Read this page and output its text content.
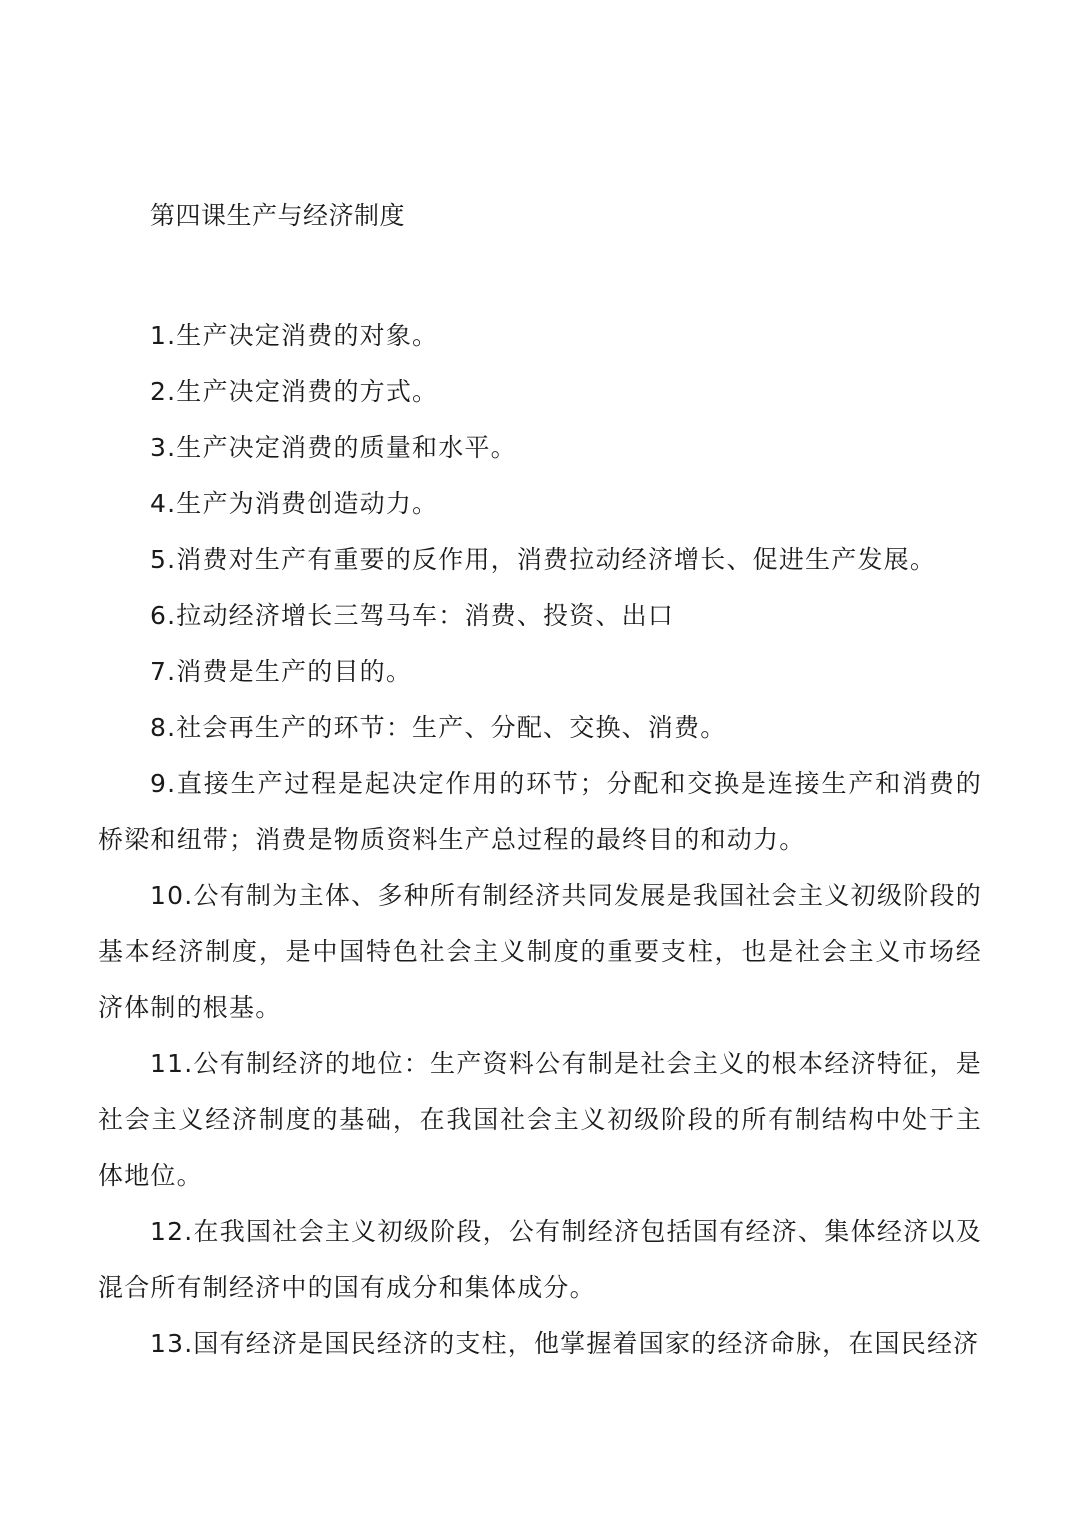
第四课生产与经济制度

1.生产决定消费的对象。

2.生产决定消费的方式。

3.生产决定消费的质量和水平。

4.生产为消费创造动力。

5.消费对生产有重要的反作用，消费拉动经济增长、促进生产发展。

6.拉动经济增长三驾马车：消费、投资、出口

7.消费是生产的目的。

8.社会再生产的环节：生产、分配、交换、消费。

9.直接生产过程是起决定作用的环节；分配和交换是连接生产和消费的桥梁和纽带；消费是物质资料生产总过程的最终目的和动力。

10.公有制为主体、多种所有制经济共同发展是我国社会主义初级阶段的基本经济制度，是中国特色社会主义制度的重要支柱，也是社会主义市场经济体制的根基。

11.公有制经济的地位：生产资料公有制是社会主义的根本经济特征，是社会主义经济制度的基础，在我国社会主义初级阶段的所有制结构中处于主体地位。

12.在我国社会主义初级阶段，公有制经济包括国有经济、集体经济以及混合所有制经济中的国有成分和集体成分。

13.国有经济是国民经济的支柱，他掌握着国家的经济命脉，在国民经济
